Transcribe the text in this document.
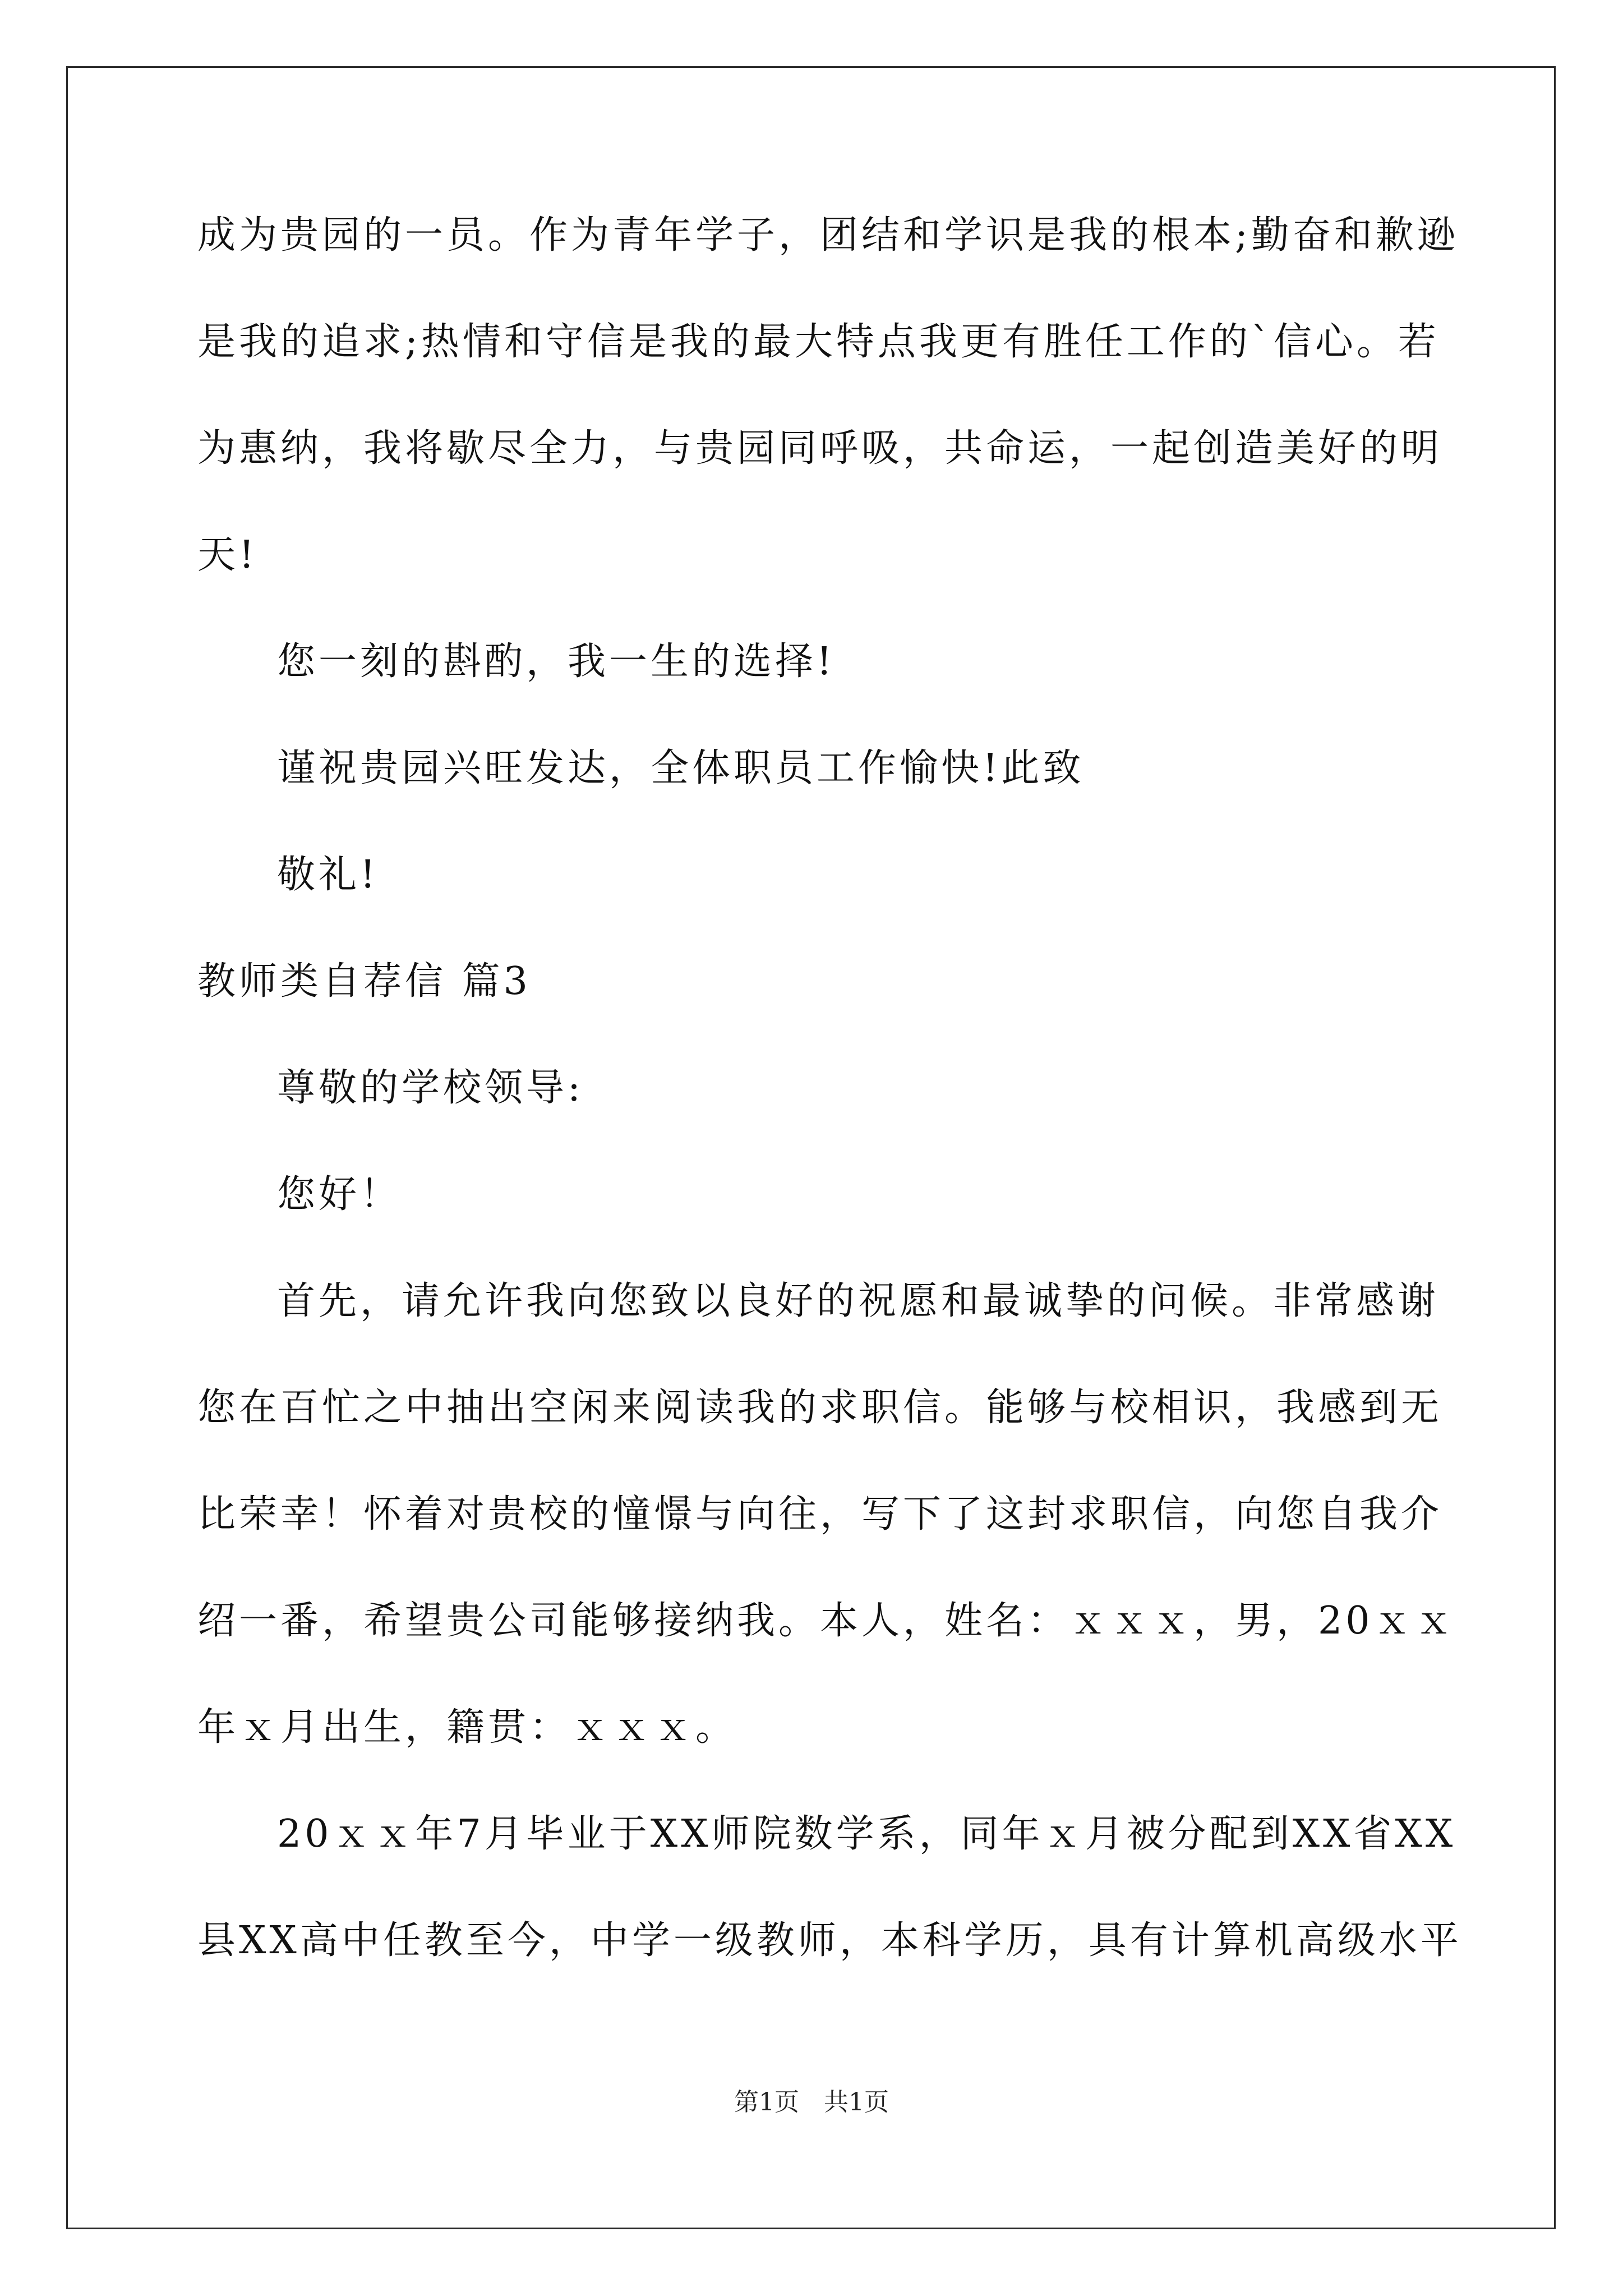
成为贵园的一员。作为青年学子，团结和学识是我的根本;勤奋和歉逊
是我的追求;热情和守信是我的最大特点我更有胜任工作的`信心。若
为惠纳，我将歇尽全力，与贵园同呼吸，共命运，一起创造美好的明
天!
您一刻的斟酌，我一生的选择!
谨祝贵园兴旺发达，全体职员工作愉快!此致
敬礼!
教师类自荐信 篇3
尊敬的学校领导:
您好！
首先，请允许我向您致以良好的祝愿和最诚挚的问候。非常感谢
您在百忙之中抽出空闲来阅读我的求职信。能够与校相识，我感到无
比荣幸！怀着对贵校的憧憬与向往，写下了这封求职信，向您自我介
绍一番，希望贵公司能够接纳我。本人，姓名：ｘｘｘ，男，20ｘｘ
年ｘ月出生，籍贯：ｘｘｘ。
20ｘｘ年7月毕业于XX师院数学系，同年ｘ月被分配到XX省XX
县XX高中任教至今，中学一级教师，本科学历，具有计算机高级水平
第1页　共1页
